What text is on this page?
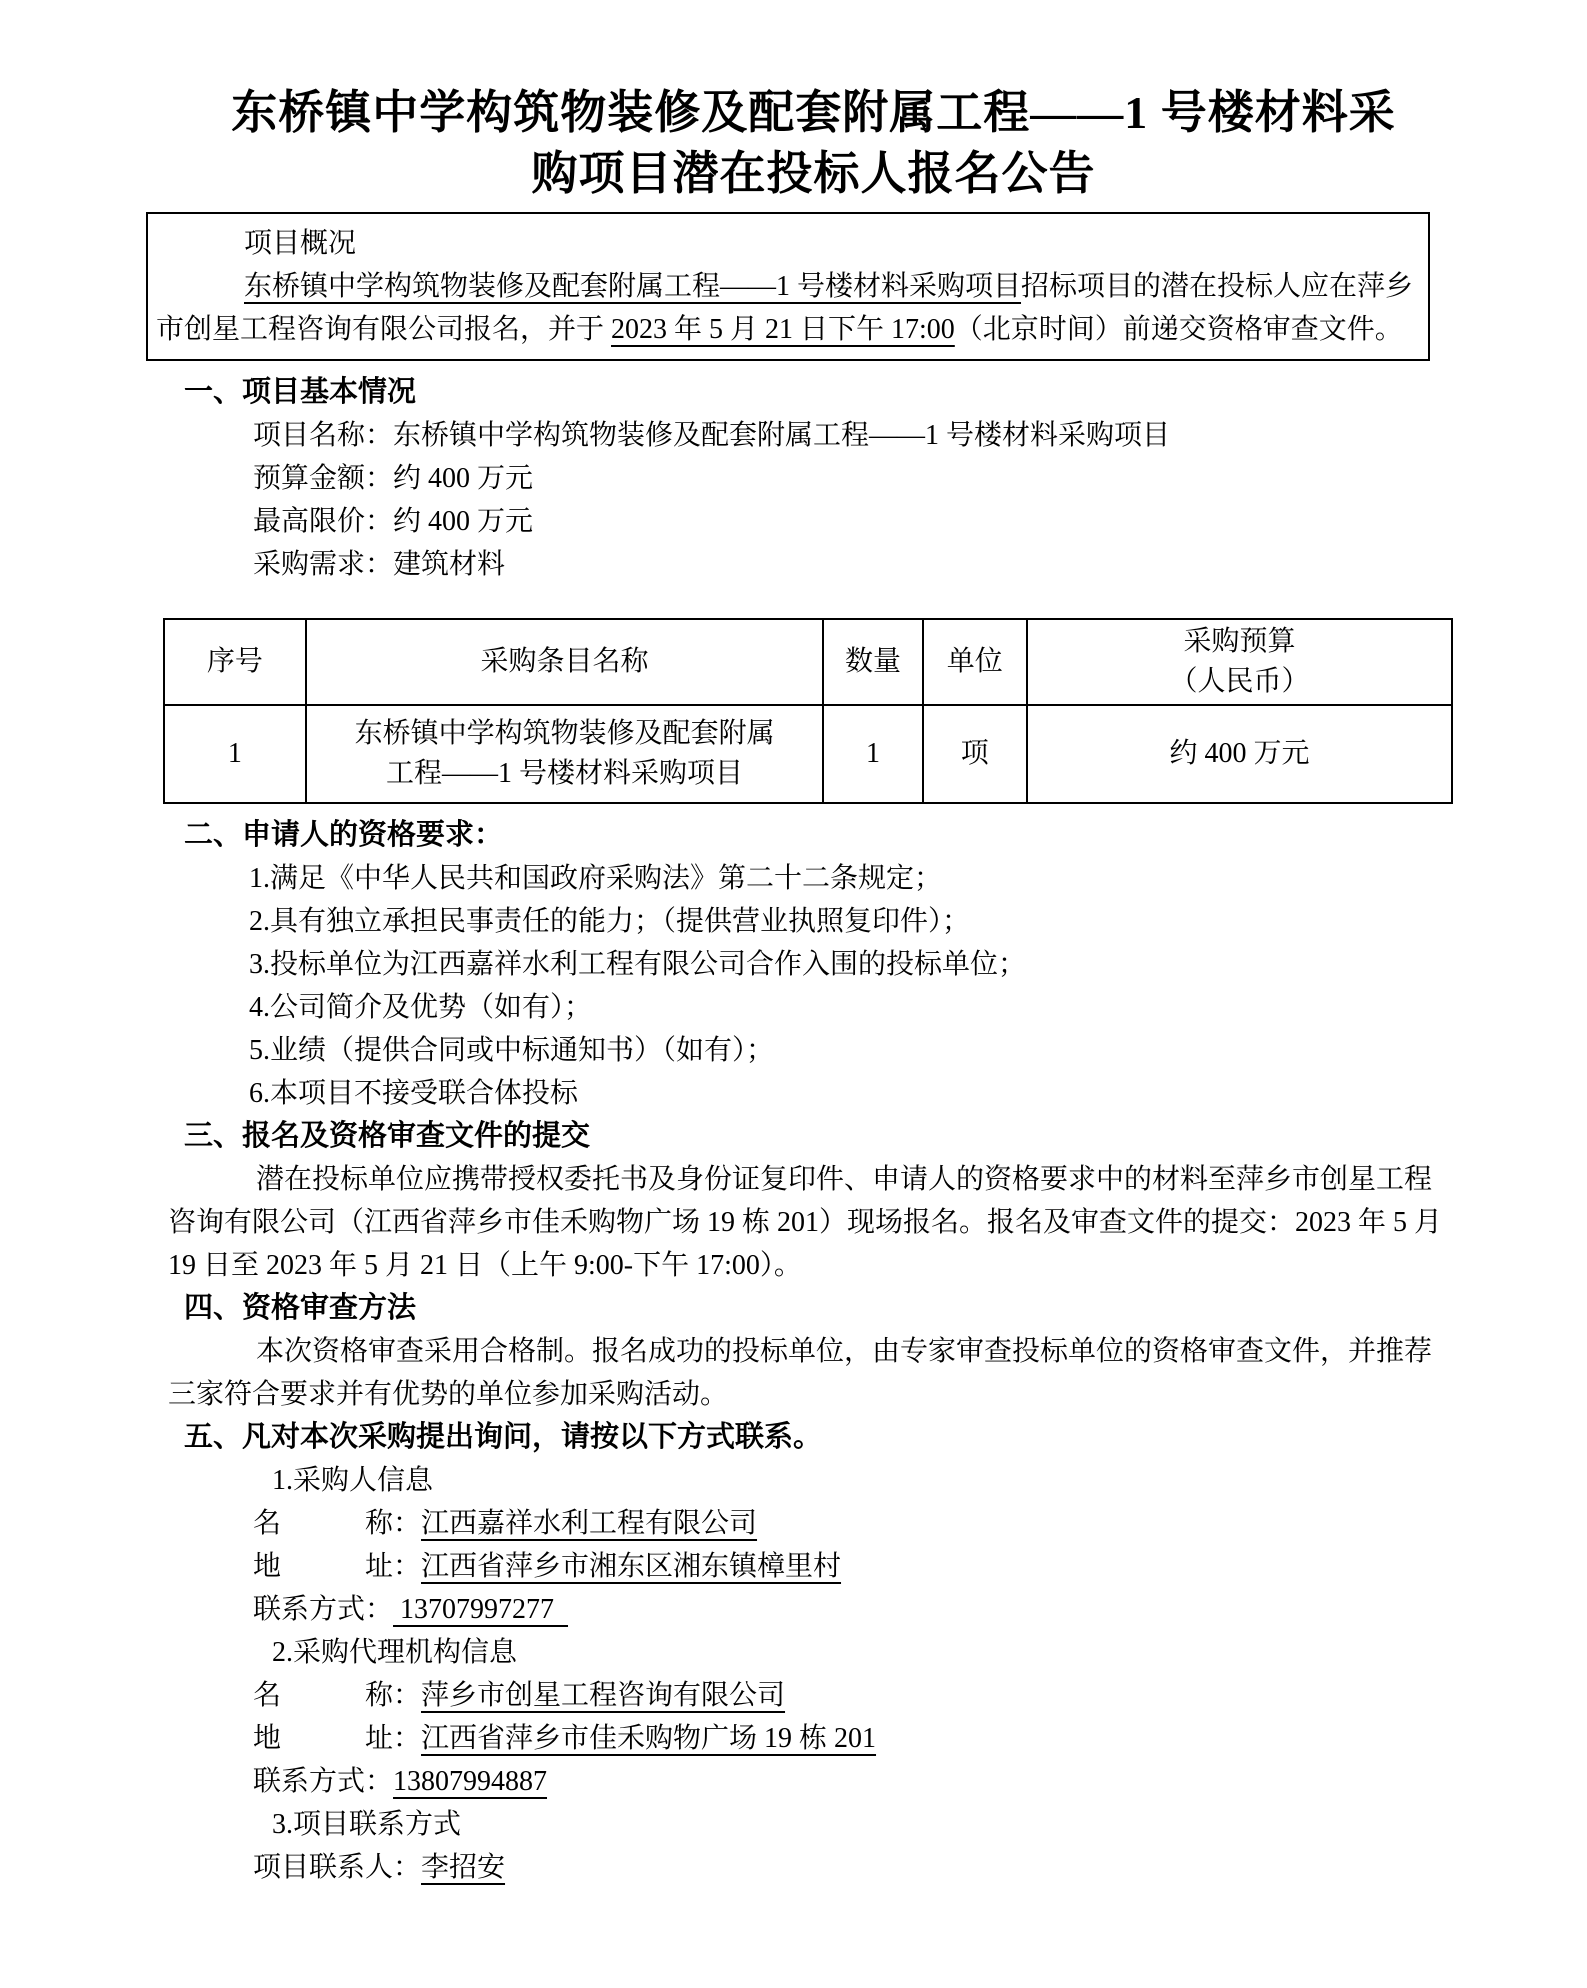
东桥镇中学构筑物装修及配套附属工程——1 号楼材料采购项目潜在投标人报名公告
项目概况
东桥镇中学构筑物装修及配套附属工程——1 号楼材料采购项目招标项目的潜在投标人应在萍乡市创星工程咨询有限公司报名，并于 2023 年 5 月 21 日下午 17:00（北京时间）前递交资格审查文件。
一、项目基本情况
项目名称：东桥镇中学构筑物装修及配套附属工程——1 号楼材料采购项目
预算金额：约 400 万元
最高限价：约 400 万元
采购需求：建筑材料
序号	采购条目名称	数量	单位	采购预算
（人民币）
1	东桥镇中学构筑物装修及配套附属工程——1 号楼材料采购项目	1	项	约 400 万元
二、申请人的资格要求：
1.满足《中华人民共和国政府采购法》第二十二条规定；
2.具有独立承担民事责任的能力；（提供营业执照复印件）；
3.投标单位为江西嘉祥水利工程有限公司合作入围的投标单位；
4.公司简介及优势（如有）；
5.业绩（提供合同或中标通知书）（如有）；
6.本项目不接受联合体投标
三、报名及资格审查文件的提交
潜在投标单位应携带授权委托书及身份证复印件、申请人的资格要求中的材料至萍乡市创星工程咨询有限公司（江西省萍乡市佳禾购物广场 19 栋 201）现场报名。报名及审查文件的提交：2023 年 5 月 19 日至 2023 年 5 月 21 日（上午 9:00-下午 17:00）。
四、资格审查方法
本次资格审查采用合格制。报名成功的投标单位，由专家审查投标单位的资格审查文件，并推荐三家符合要求并有优势的单位参加采购活动。
五、凡对本次采购提出询问，请按以下方式联系。
1.采购人信息
名　　　称：江西嘉祥水利工程有限公司
地　　　址：江西省萍乡市湘东区湘东镇樟里村
联系方式： 13707997277
2.采购代理机构信息
名　　　称：萍乡市创星工程咨询有限公司
地　　　址：江西省萍乡市佳禾购物广场 19 栋 201
联系方式：13807994887
3.项目联系方式
项目联系人：李招安
